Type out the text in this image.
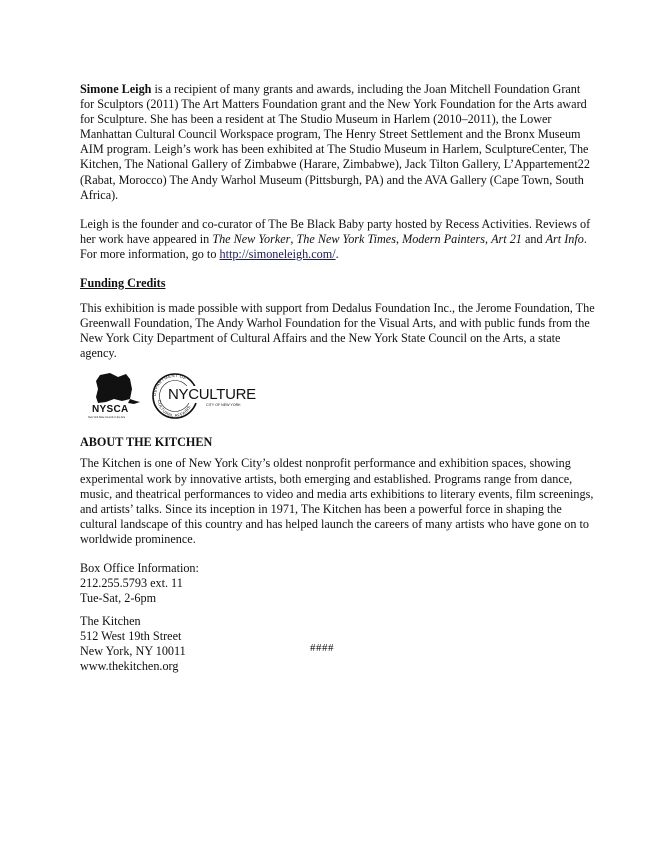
Simone Leigh is a recipient of many grants and awards, including the Joan Mitchell Foundation Grant for Sculptors (2011) The Art Matters Foundation grant and the New York Foundation for the Arts award for Sculpture. She has been a resident at The Studio Museum in Harlem (2010–2011), the Lower Manhattan Cultural Council Workspace program, The Henry Street Settlement and the Bronx Museum AIM program. Leigh’s work has been exhibited at The Studio Museum in Harlem, SculptureCenter, The Kitchen, The National Gallery of Zimbabwe (Harare, Zimbabwe), Jack Tilton Gallery, L’Appartement22 (Rabat, Morocco) The Andy Warhol Museum (Pittsburgh, PA) and the AVA Gallery (Cape Town, South Africa).

Leigh is the founder and co-curator of The Be Black Baby party hosted by Recess Activities. Reviews of her work have appeared in The New Yorker, The New York Times, Modern Painters, Art 21 and Art Info. For more information, go to http://simoneleigh.com/.

Funding Credits

This exhibition is made possible with support from Dedalus Foundation Inc., the Jerome Foundation, The Greenwall Foundation, The Andy Warhol Foundation for the Visual Arts, and with public funds from the New York City Department of Cultural Affairs and the New York State Council on the Arts, a state agency.

NYSCA
New York State Council on the Arts
DEPARTMENT OF
CULTURAL AFFAIRS
NYCULTURE
CITY OF NEW YORK

ABOUT THE KITCHEN

The Kitchen is one of New York City’s oldest nonprofit performance and exhibition spaces, showing experimental work by innovative artists, both emerging and established. Programs range from dance, music, and theatrical performances to video and media arts exhibitions to literary events, film screenings, and artists’ talks. Since its inception in 1971, The Kitchen has been a powerful force in shaping the cultural landscape of this country and has helped launch the careers of many artists who have gone on to worldwide prominence.

Box Office Information:

212.255.5793 ext. 11

Tue-Sat, 2-6pm

The Kitchen

512 West 19th Street

New York, NY 10011

www.thekitchen.org

####
